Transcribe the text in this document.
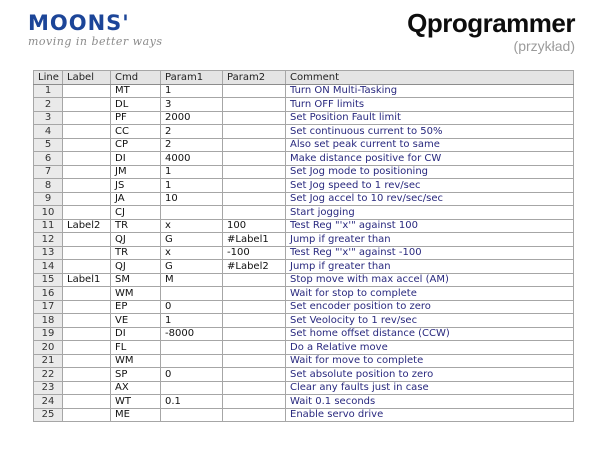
MOONS'
moving in better ways
Qprogrammer
(przykład)
Line	Label	Cmd	Param1	Param2	Comment
1		MT	1		Turn ON Multi-Tasking
2		DL	3		Turn OFF limits
3		PF	2000		Set Position Fault limit
4		CC	2		Set continuous current to 50%
5		CP	2		Also set peak current to same
6		DI	4000		Make distance positive for CW
7		JM	1		Set Jog mode to positioning
8		JS	1		Set Jog speed to 1 rev/sec
9		JA	10		Set Jog accel to 10 rev/sec/sec
10		CJ			Start jogging
11	Label2	TR	x	100	Test Reg "'x'" against 100
12		QJ	G	#Label1	Jump if greater than
13		TR	x	-100	Test Reg "'x'" against -100
14		QJ	G	#Label2	Jump if greater than
15	Label1	SM	M		Stop move with max accel (AM)
16		WM			Wait for stop to complete
17		EP	0		Set encoder position to zero
18		VE	1		Set Veolocity to 1 rev/sec
19		DI	-8000		Set home offset distance (CCW)
20		FL			Do a Relative move
21		WM			Wait for move to complete
22		SP	0		Set absolute position to zero
23		AX			Clear any faults just in case
24		WT	0.1		Wait 0.1 seconds
25		ME			Enable servo drive
